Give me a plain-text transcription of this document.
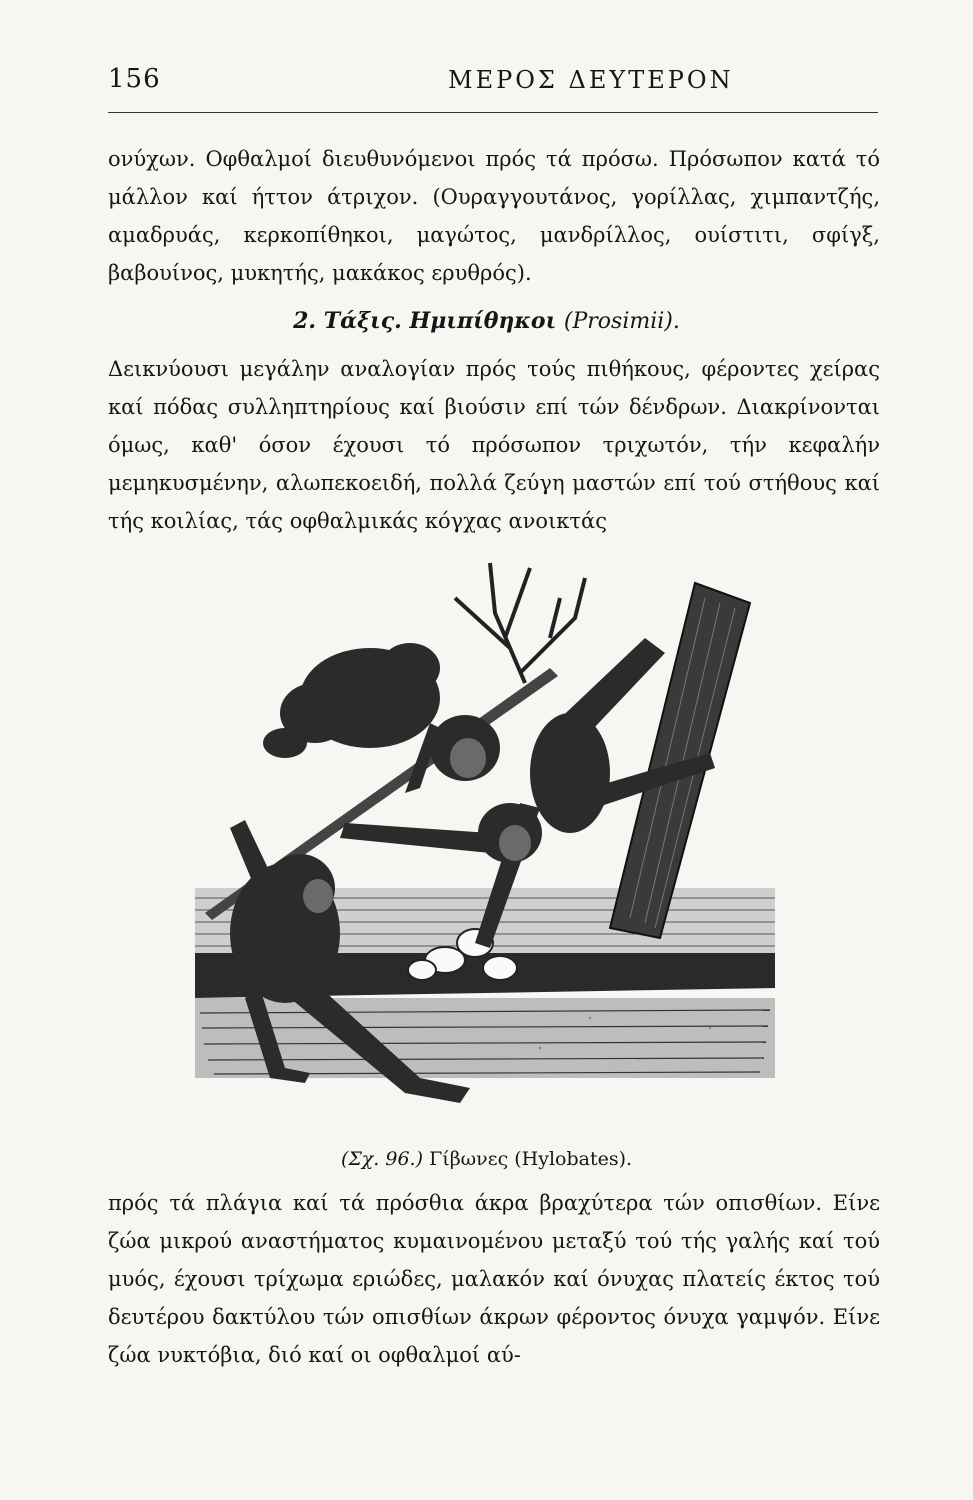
156	ΜΕΡΟΣ ΔΕΥΤΕΡΟΝ

ονύχων. Οφθαλμοί διευθυνόμενοι πρός τά πρόσω. Πρόσωπον κατά τό μάλλον καί ήττον άτριχον. (Ουραγγουτάνος, γορίλλας, χιμπαντζής, αμαδρυάς, κερκοπίθηκοι, μαγώτος, μανδρίλλος, ουίστιτι, σφίγξ, βαβουίνος, μυκητής, μακάκος ερυθρός).

2. Τάξις. Ημιπίθηκοι (Prosimii).

Δεικνύουσι μεγάλην αναλογίαν πρός τούς πιθήκους, φέροντες χείρας καί πόδας συλληπτηρίους καί βιούσιν επί τών δένδρων. Διακρίνονται όμως, καθ' όσον έχουσι τό πρόσωπον τριχωτόν, τήν κεφαλήν μεμηκυσμένην, αλωπεκοειδή, πολλά ζεύγη μαστών επί τού στήθους καί τής κοιλίας, τάς οφθαλμικάς κόγχας ανοικτάς

(Σχ. 96.) Γίβωνες (Hylobates).

πρός τά πλάγια καί τά πρόσθια άκρα βραχύτερα τών οπισθίων. Είνε ζώα μικρού αναστήματος κυμαινομένου μεταξύ τού τής γαλής καί τού μυός, έχουσι τρίχωμα εριώδες, μαλακόν καί όνυχας πλατείς έκτος τού δευτέρου δακτύλου τών οπισθίων άκρων φέροντος όνυχα γαμψόν. Είνε ζώα νυκτόβια, διό καί οι οφθαλμοί αύ-
